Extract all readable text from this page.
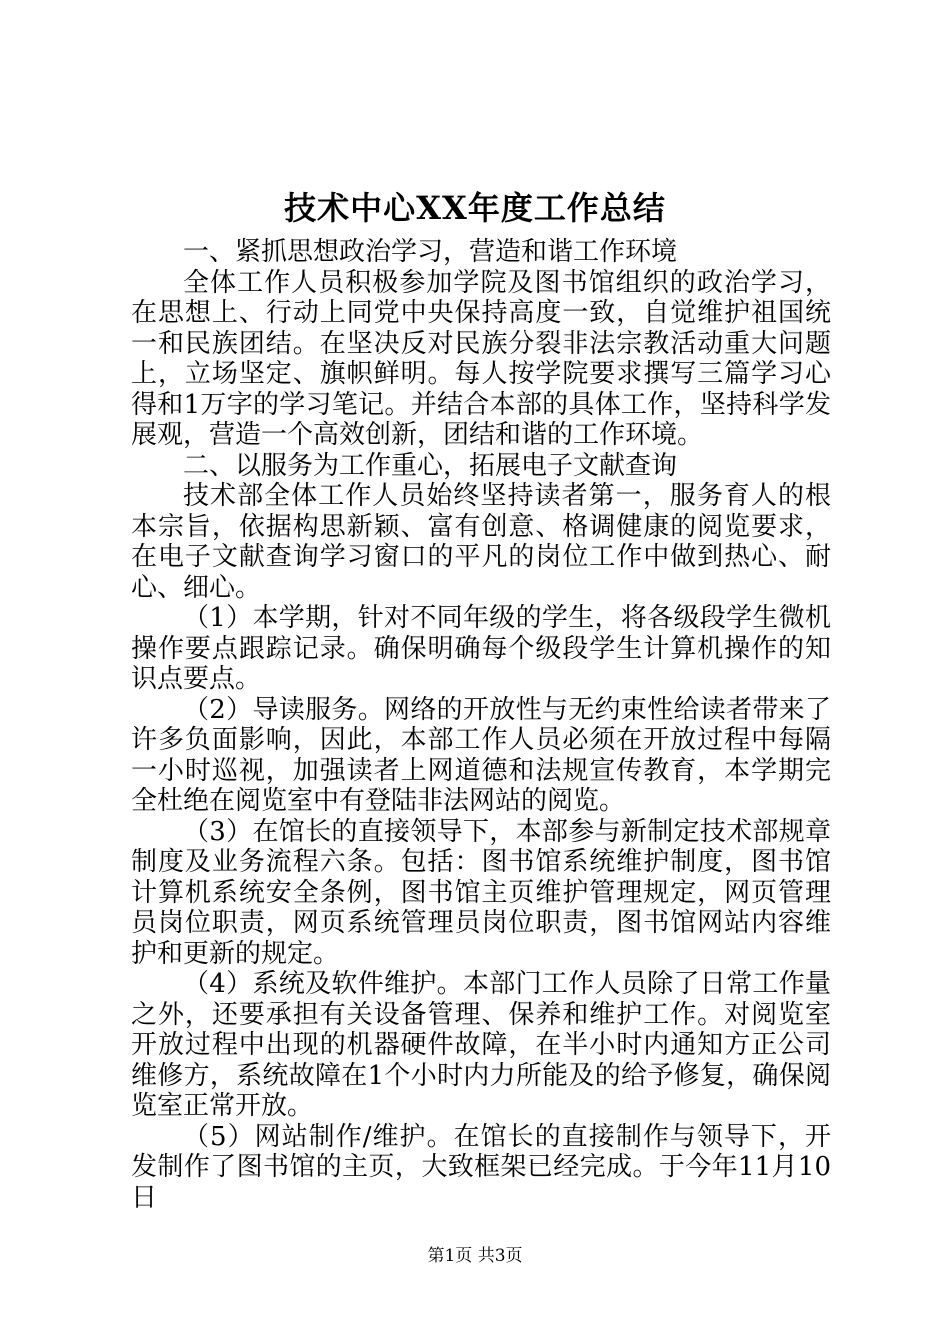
技术中心XX年度工作总结

一、紧抓思想政治学习，营造和谐工作环境

全体工作人员积极参加学院及图书馆组织的政治学习，在思想上、行动上同党中央保持高度一致，自觉维护祖国统一和民族团结。在坚决反对民族分裂非法宗教活动重大问题上，立场坚定、旗帜鲜明。每人按学院要求撰写三篇学习心得和1万字的学习笔记。并结合本部的具体工作，坚持科学发展观，营造一个高效创新，团结和谐的工作环境。

二、以服务为工作重心，拓展电子文献查询

技术部全体工作人员始终坚持读者第一，服务育人的根本宗旨，依据构思新颖、富有创意、格调健康的阅览要求，在电子文献查询学习窗口的平凡的岗位工作中做到热心、耐心、细心。

（1）本学期，针对不同年级的学生，将各级段学生微机操作要点跟踪记录。确保明确每个级段学生计算机操作的知识点要点。

（2）导读服务。网络的开放性与无约束性给读者带来了许多负面影响，因此，本部工作人员必须在开放过程中每隔一小时巡视，加强读者上网道德和法规宣传教育，本学期完全杜绝在阅览室中有登陆非法网站的阅览。

（3）在馆长的直接领导下，本部参与新制定技术部规章制度及业务流程六条。包括：图书馆系统维护制度，图书馆计算机系统安全条例，图书馆主页维护管理规定，网页管理员岗位职责，网页系统管理员岗位职责，图书馆网站内容维护和更新的规定。

（4）系统及软件维护。本部门工作人员除了日常工作量之外，还要承担有关设备管理、保养和维护工作。对阅览室开放过程中出现的机器硬件故障，在半小时内通知方正公司维修方，系统故障在1个小时内力所能及的给予修复，确保阅览室正常开放。

（5）网站制作/维护。在馆长的直接制作与领导下，开发制作了图书馆的主页，大致框架已经完成。于今年11月10日

第1页 共3页
